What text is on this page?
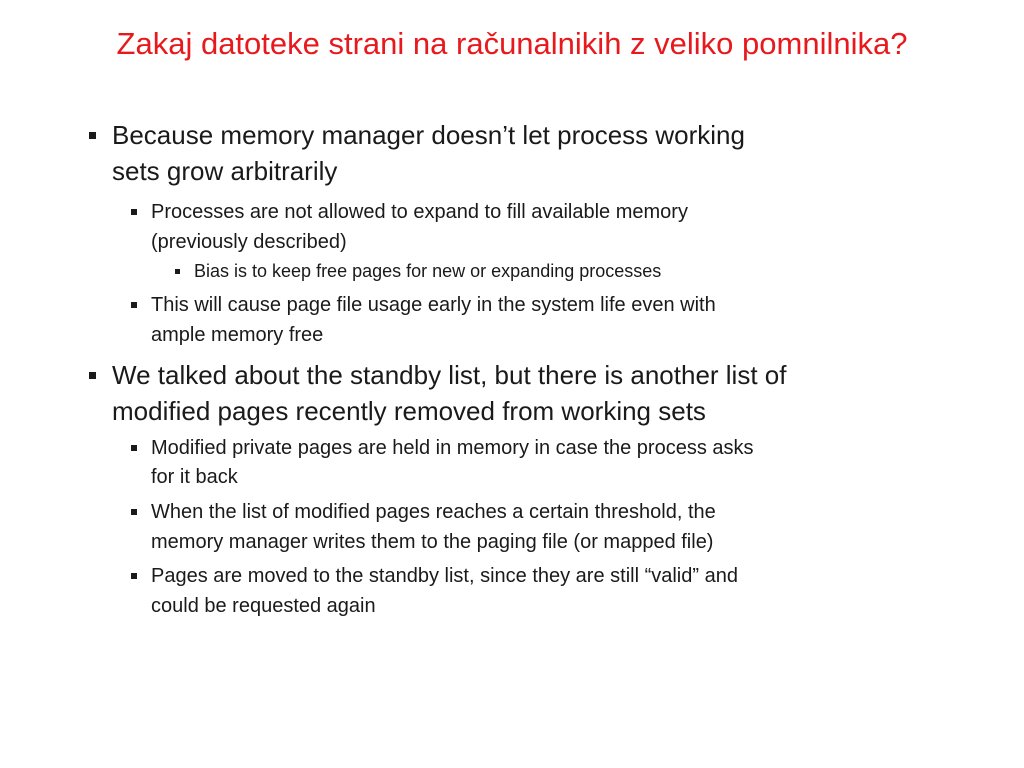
Zakaj datoteke strani na računalnikih z veliko pomnilnika?
Because memory manager doesn’t let process working
sets grow arbitrarily
Processes are not allowed to expand to fill available memory
(previously described)
Bias is to keep free pages for new or expanding processes
This will cause page file usage early in the system life even with
ample memory free
We talked about the standby list, but there is another list of
modified pages recently removed from working sets
Modified private pages are held in memory in case the process asks
for it back
When the list of modified pages reaches a certain threshold, the
memory manager writes them to the paging file (or mapped file)
Pages are moved to the standby list, since they are still “valid” and
could be requested again
